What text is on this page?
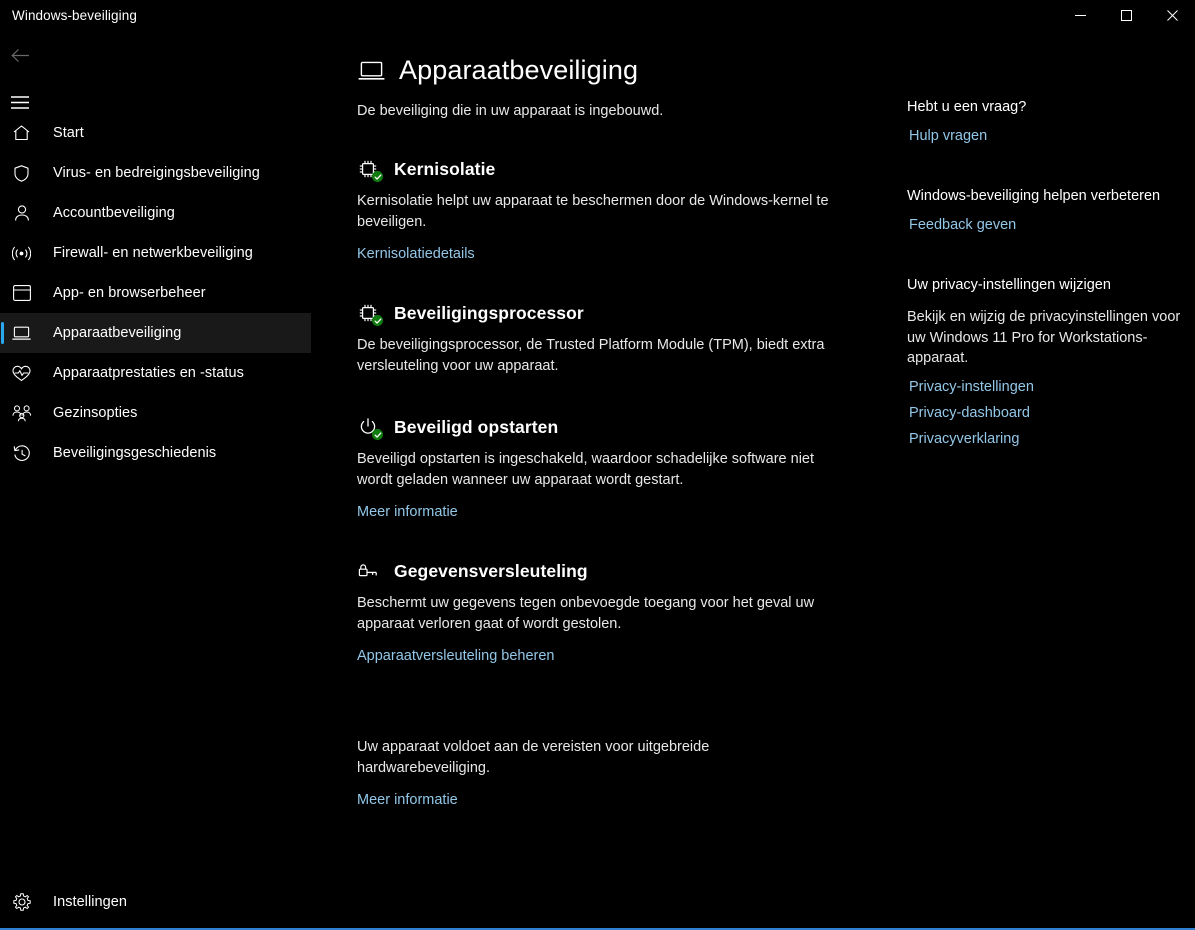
Windows-beveiliging
Start
Virus- en bedreigingsbeveiliging
Accountbeveiliging
Firewall- en netwerkbeveiliging
App- en browserbeheer
Apparaatbeveiliging
Apparaatprestaties en -status
Gezinsopties
Beveiligingsgeschiedenis
Instellingen
Apparaatbeveiliging

De beveiliging die in uw apparaat is ingebouwd.

Kernisolatie

Kernisolatie helpt uw apparaat te beschermen door de Windows-kernel te beveiligen.

Kernisolatiedetails
Beveiligingsprocessor

De beveiligingsprocessor, de Trusted Platform Module (TPM), biedt extra versleuteling voor uw apparaat.

Beveiligd opstarten

Beveiligd opstarten is ingeschakeld, waardoor schadelijke software niet wordt geladen wanneer uw apparaat wordt gestart.

Meer informatie
Gegevensversleuteling

Beschermt uw gegevens tegen onbevoegde toegang voor het geval uw apparaat verloren gaat of wordt gestolen.

Apparaatversleuteling beheren
Uw apparaat voldoet aan de vereisten voor uitgebreide hardwarebeveiliging.
Meer informatie
Hebt u een vraag?
Hulp vragen
Windows-beveiliging helpen verbeteren
Feedback geven
Uw privacy-instellingen wijzigen
Bekijk en wijzig de privacyinstellingen voor uw Windows 11 Pro for Workstations-apparaat.
Privacy-instellingen
Privacy-dashboard
Privacyverklaring
